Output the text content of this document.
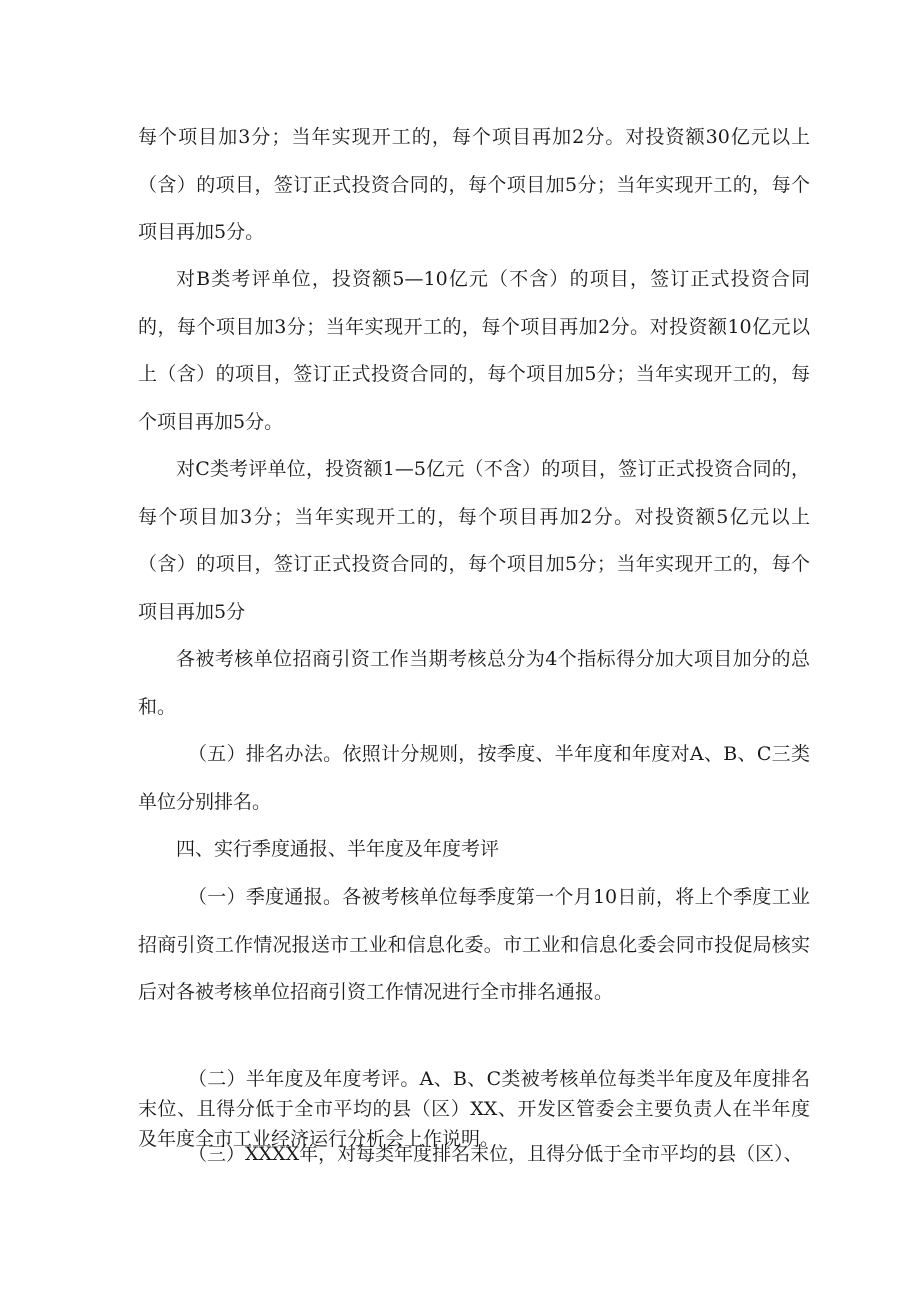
每个项目加3分；当年实现开工的，每个项目再加2分。对投资额30亿元以上（含）的项目，签订正式投资合同的，每个项目加5分；当年实现开工的，每个项目再加5分。

对B类考评单位，投资额5—10亿元（不含）的项目，签订正式投资合同的，每个项目加3分；当年实现开工的，每个项目再加2分。对投资额10亿元以上（含）的项目，签订正式投资合同的，每个项目加5分；当年实现开工的，每个项目再加5分。

对C类考评单位，投资额1—5亿元（不含）的项目，签订正式投资合同的，每个项目加3分；当年实现开工的，每个项目再加2分。对投资额5亿元以上（含）的项目，签订正式投资合同的，每个项目加5分；当年实现开工的，每个项目再加5分

各被考核单位招商引资工作当期考核总分为4个指标得分加大项目加分的总和。

（五）排名办法。依照计分规则，按季度、半年度和年度对A、B、C三类单位分别排名。

四、实行季度通报、半年度及年度考评

（一）季度通报。各被考核单位每季度第一个月10日前，将上个季度工业招商引资工作情况报送市工业和信息化委。市工业和信息化委会同市投促局核实后对各被考核单位招商引资工作情况进行全市排名通报。

（二）半年度及年度考评。A、B、C类被考核单位每类半年度及年度排名末位、且得分低于全市平均的县（区）XX、开发区管委会主要负责人在半年度及年度全市工业经济运行分析会上作说明。

（三）XXXX年，对每类年度排名末位，且得分低于全市平均的县（区）、
